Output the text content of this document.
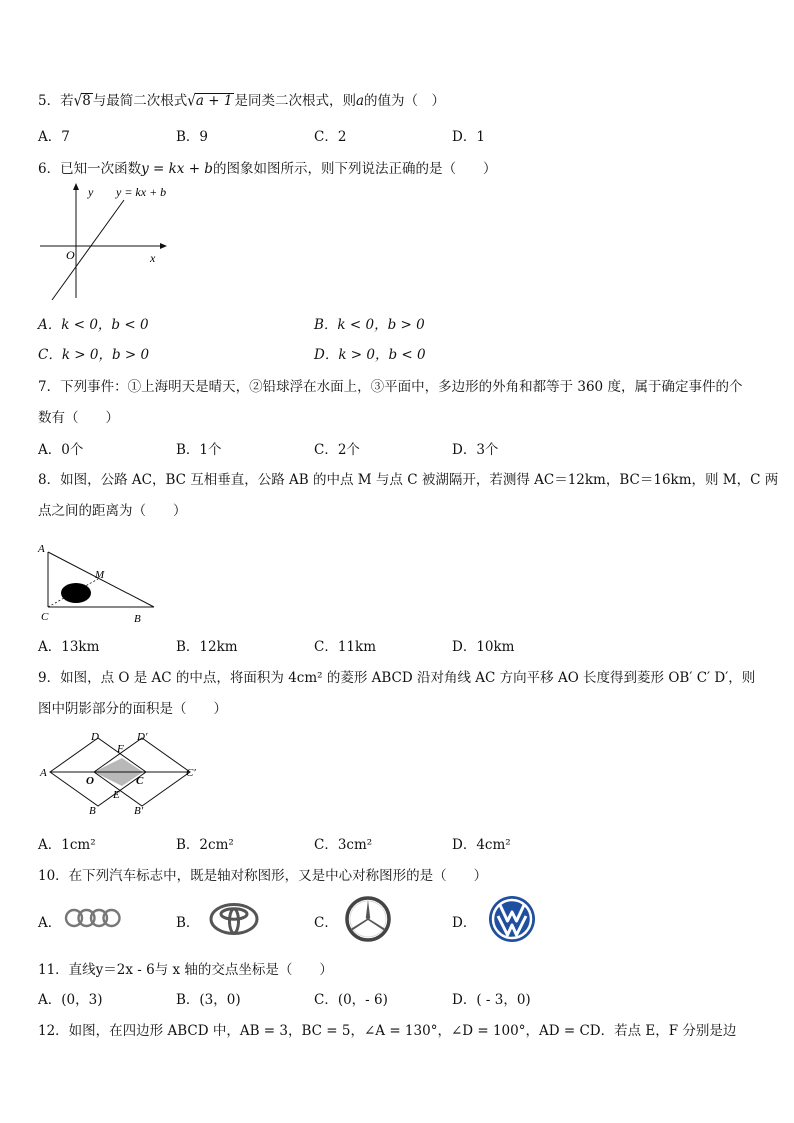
5．若√8 与最简二次根式√a + 1 是同类二次根式，则a的值为（　）
A．7	B．9	C．2	D．1
6．已知一次函数y = kx + b的图象如图所示，则下列说法正确的是（　　）
y y = kx + b
O	x
A．k < 0，b < 0	B．k < 0，b > 0
C．k > 0，b > 0	D．k > 0，b < 0
7．下列事件：①上海明天是晴天，②铅球浮在水面上，③平面中，多边形的外角和都等于 360 度，属于确定事件的个
数有（　　）
A．0个	B．1个	C．2个	D．3个
8．如图，公路 AC，BC 互相垂直，公路 AB 的中点 M 与点 C 被湖隔开，若测得 AC＝12km，BC＝16km，则 M，C 两
点之间的距离为（　　）
A
M
C	B
A．13km	B．12km	C．11km	D．10km
9．如图，点 O 是 AC 的中点，将面积为 4cm² 的菱形 ABCD 沿对角线 AC 方向平移 AO 长度得到菱形 OB′ C′ D′，则
图中阴影部分的面积是（　　）
A
D
F
D′
O	C
C′
B
E
B′
A．1cm²	B．2cm²	C．3cm²	D．4cm²
10．在下列汽车标志中，既是轴对称图形，又是中心对称图形的是（　　）
A．	B．	C．	D．
11．直线y＝2x - 6与 x 轴的交点坐标是（　　）
A．(0，3)	B．(3，0)	C．(0，- 6)	D．( - 3，0)
12．如图，在四边形 ABCD 中，AB = 3，BC = 5，∠A = 130°，∠D = 100°，AD = CD．若点 E，F 分别是边
